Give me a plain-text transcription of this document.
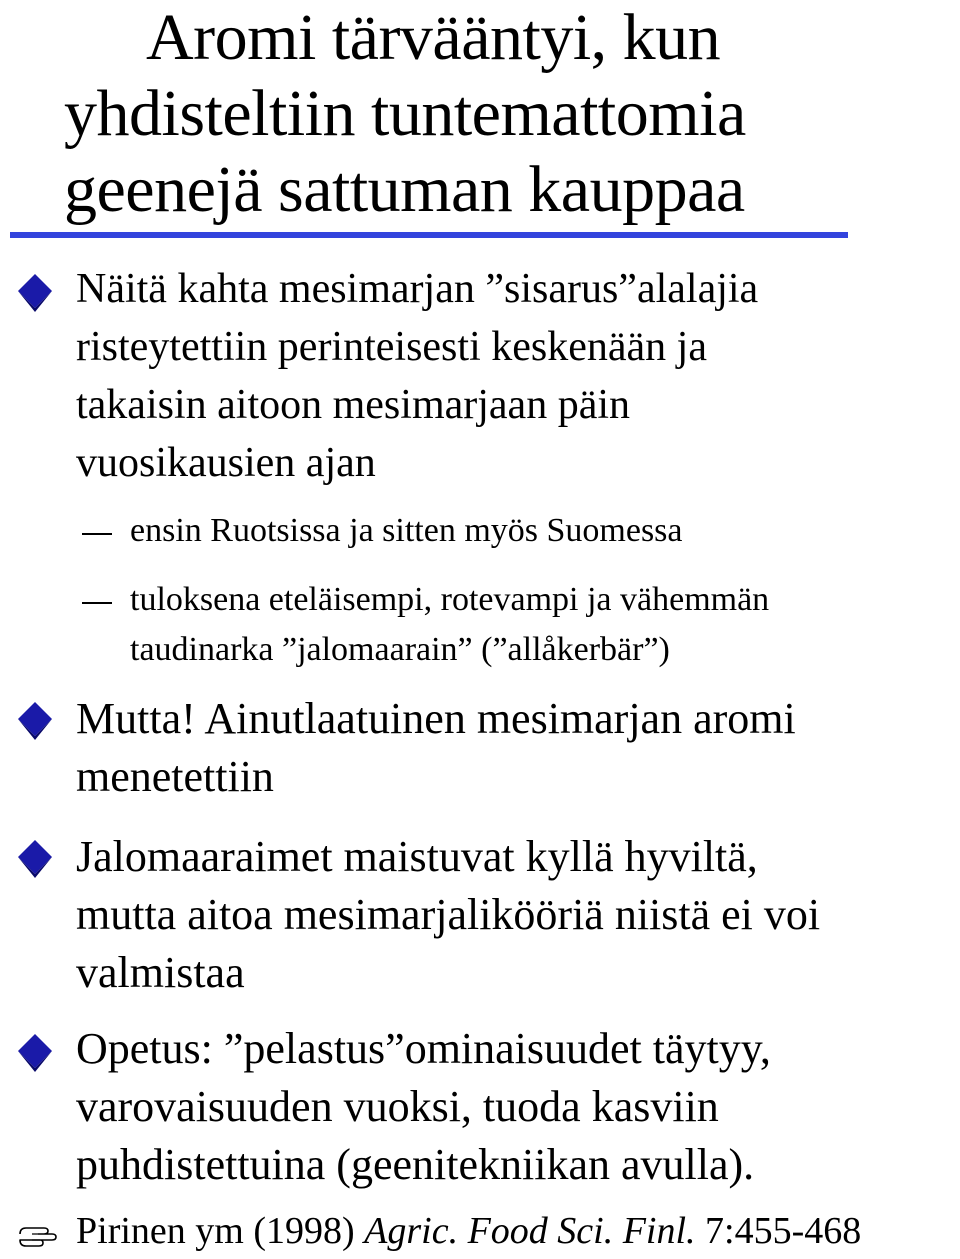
Aromi tärvääntyi, kun
yhdisteltiin tuntemattomia
geenejä sattuman kauppaa
Näitä kahta mesimarjan ”sisarus”alalajia
risteytettiin perinteisesti keskenään ja
takaisin aitoon mesimarjaan päin
vuosikausien ajan
ensin Ruotsissa ja sitten myös Suomessa
tuloksena eteläisempi, rotevampi ja vähemmän
taudinarka ”jalomaarain” (”allåkerbär”)
Mutta! Ainutlaatuinen mesimarjan aromi
menetettiin
Jalomaaraimet maistuvat kyllä hyviltä,
mutta aitoa mesimarjalikööriä niistä ei voi
valmistaa
Opetus: ”pelastus”ominaisuudet täytyy,
varovaisuuden vuoksi, tuoda kasviin
puhdistettuina (geenitekniikan avulla).
Pirinen ym (1998) Agric. Food Sci. Finl. 7:455-468
